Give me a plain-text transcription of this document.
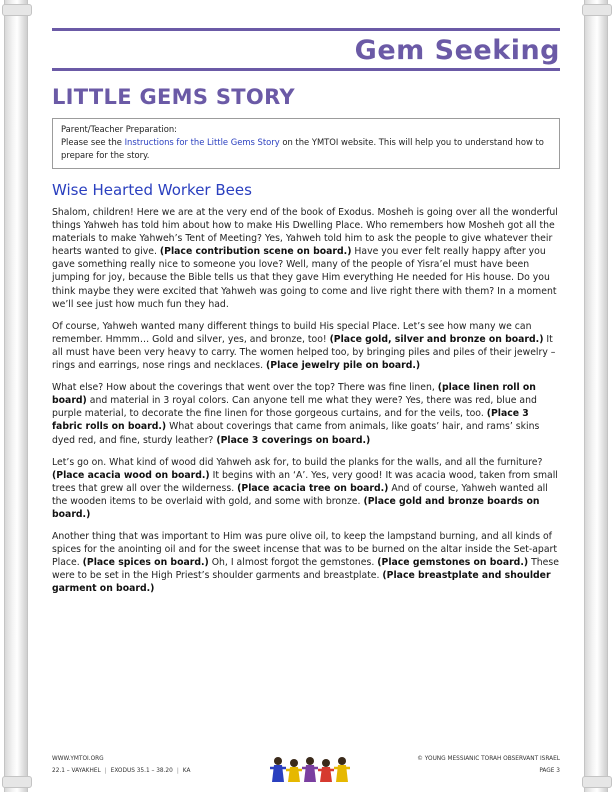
Gem Seeking
LITTLE GEMS STORY
Parent/Teacher Preparation:
Please see the Instructions for the Little Gems Story on the YMTOI website. This will help you to understand how to prepare for the story.
Wise Hearted Worker Bees

Shalom, children! Here we are at the very end of the book of Exodus. Mosheh is going over all the wonderful things Yahweh has told him about how to make His Dwelling Place. Who remembers how Mosheh got all the materials to make Yahweh’s Tent of Meeting? Yes, Yahweh told him to ask the people to give whatever their hearts wanted to give. (Place contribution scene on board.) Have you ever felt really happy after you gave something really nice to someone you love? Well, many of the people of Yisra’el must have been jumping for joy, because the Bible tells us that they gave Him everything He needed for His house. Do you think maybe they were excited that Yahweh was going to come and live right there with them? In a moment we’ll see just how much fun they had.

Of course, Yahweh wanted many different things to build His special Place. Let’s see how many we can remember. Hmmm… Gold and silver, yes, and bronze, too! (Place gold, silver and bronze on board.) It all must have been very heavy to carry. The women helped too, by bringing piles and piles of their jewelry – rings and earrings, nose rings and necklaces. (Place jewelry pile on board.)

What else? How about the coverings that went over the top? There was fine linen, (place linen roll on board) and material in 3 royal colors. Can anyone tell me what they were? Yes, there was red, blue and purple material, to decorate the fine linen for those gorgeous curtains, and for the veils, too. (Place 3 fabric rolls on board.) What about coverings that came from animals, like goats’ hair, and rams’ skins dyed red, and fine, sturdy leather? (Place 3 coverings on board.)

Let’s go on. What kind of wood did Yahweh ask for, to build the planks for the walls, and all the furniture? (Place acacia wood on board.) It begins with an ‘A’. Yes, very good! It was acacia wood, taken from small trees that grew all over the wilderness. (Place acacia tree on board.) And of course, Yahweh wanted all the wooden items to be overlaid with gold, and some with bronze. (Place gold and bronze boards on board.)

Another thing that was important to Him was pure olive oil, to keep the lampstand burning, and all kinds of spices for the anointing oil and for the sweet incense that was to be burned on the altar inside the Set-apart Place. (Place spices on board.) Oh, I almost forgot the gemstones. (Place gemstones on board.) These were to be set in the High Priest’s shoulder garments and breastplate. (Place breastplate and shoulder garment on board.)

WWW.YMTOI.ORG
22.1 – VAYAKHEL | EXODUS 35.1 – 38.20 | KA
© YOUNG MESSIANIC TORAH OBSERVANT ISRAEL
PAGE 3
